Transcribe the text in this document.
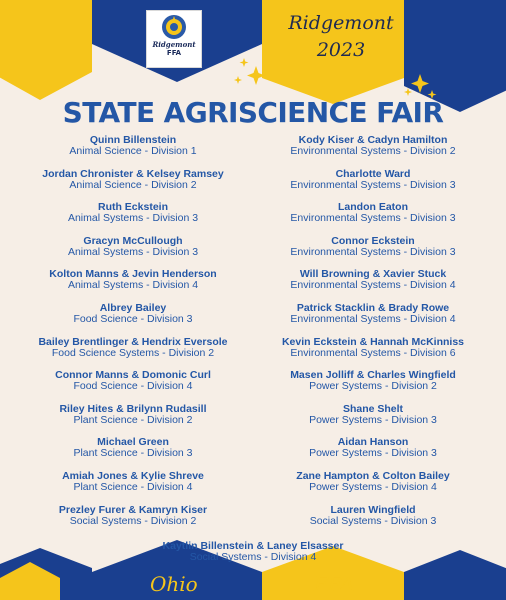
Ridgemont
FFA
Ridgemont
2023
STATE AGRISCIENCE FAIR
Quinn Billenstein
Animal Science - Division 1
Jordan Chronister & Kelsey Ramsey
Animal Science - Division 2
Ruth Eckstein
Animal Systems - Division 3
Gracyn McCullough
Animal Systems - Division 3
Kolton Manns & Jevin Henderson
Animal Systems - Division 4
Albrey Bailey
Food Science - Division 3
Bailey Brentlinger & Hendrix Eversole
Food Science Systems - Division 2
Connor Manns & Domonic Curl
Food Science - Division 4
Riley Hites & Brilynn Rudasill
Plant Science - Division 2
Michael Green
Plant Science - Division 3
Amiah Jones & Kylie Shreve
Plant Science - Division 4
Prezley Furer & Kamryn Kiser
Social Systems - Division 2
Kody Kiser & Cadyn Hamilton
Environmental Systems - Division 2
Charlotte Ward
Environmental Systems - Division 3
Landon Eaton
Environmental Systems - Division 3
Connor Eckstein
Environmental Systems - Division 3
Will Browning & Xavier Stuck
Environmental Systems - Division 4
Patrick Stacklin & Brady Rowe
Environmental Systems - Division 4
Kevin Eckstein & Hannah McKinniss
Environmental Systems - Division 6
Masen Jolliff & Charles Wingfield
Power Systems - Division 2
Shane Shelt
Power Systems - Division 3
Aidan Hanson
Power Systems - Division 3
Zane Hampton & Colton Bailey
Power Systems - Division 4
Lauren Wingfield
Social Systems - Division 3
Kaytlin Billenstein & Laney Elsasser
Social Systems - Division 4
Ohio	FFA
